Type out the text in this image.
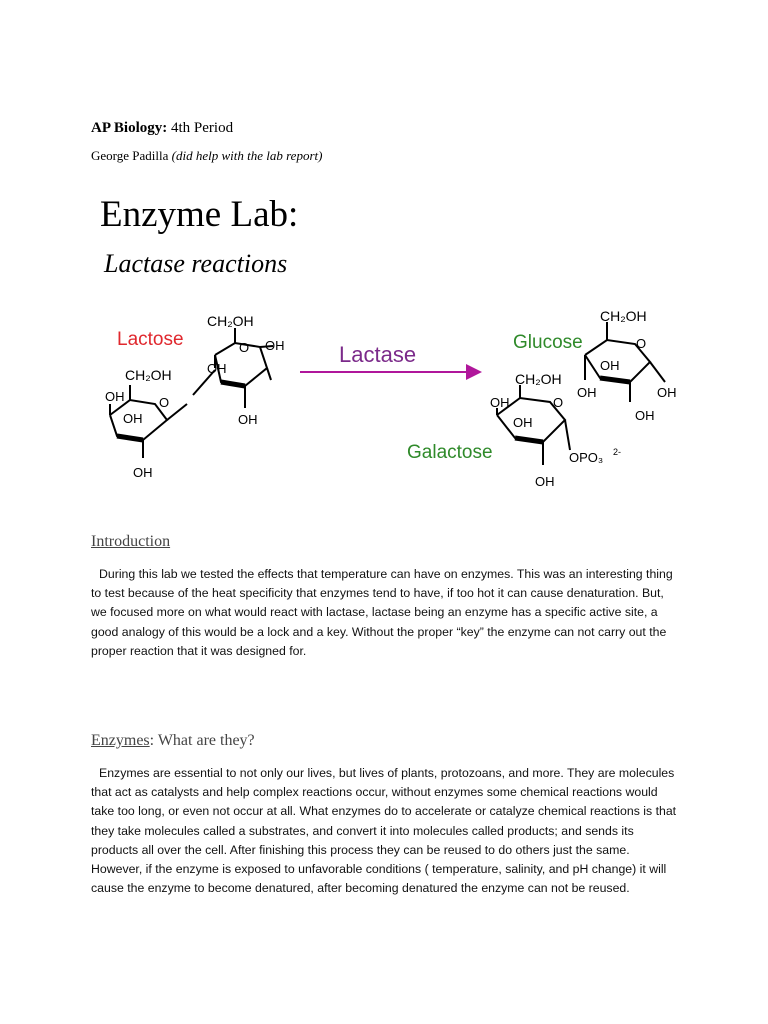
AP Biology: 4th Period
George Padilla (did help with the lab report)
Enzyme Lab:
Lactase reactions
Lactose
CH₂OH
O OH
OH
OH
CH₂OH
OH
OH
O
OH
Lactase	Glucose
CH₂OH
O
OH
OH	OH
OH
CH₂OH
OH	O
OH
OPO₃ 2-
OH
Galactose
Introduction

During this lab we tested the effects that temperature can have on enzymes. This was an interesting thing to test because of the heat specificity that enzymes tend to have, if too hot it can cause denaturation. But, we focused more on what would react with lactase, lactase being an enzyme has a specific active site, a good analogy of this would be a lock and a key. Without the proper “key” the enzyme can not carry out the proper reaction that it was designed for.

Enzymes: What are they?

Enzymes are essential to not only our lives, but lives of plants, protozoans, and more. They are molecules that act as catalysts and help complex reactions occur, without enzymes some chemical reactions would take too long, or even not occur at all. What enzymes do to accelerate or catalyze chemical reactions is that they take molecules called a substrates, and convert it into molecules called products; and sends its products all over the cell. After finishing this process they can be reused to do others just the same. However, if the enzyme is exposed to unfavorable conditions ( temperature, salinity, and pH change) it will cause the enzyme to become denatured, after becoming denatured the enzyme can not be reused.
